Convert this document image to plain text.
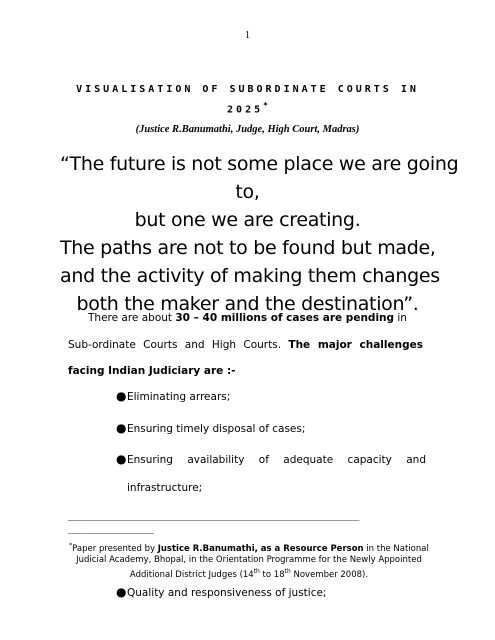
1
VISUALISATION OF SUBORDINATE COURTS IN
2025*
(Justice R.Banumathi, Judge, High Court, Madras)
“The future is not some place we are going
to,
but one we are creating.
The paths are not to be found but made,
and the activity of making them changes
both the maker and the destination”.
There are about 30 – 40 millions of cases are pending in
Sub-ordinate Courts and High Courts. The major challenges
facing Indian Judiciary are :-
●Eliminating arrears;
●Ensuring timely disposal of cases;
●Ensuring availability of adequate capacity and
infrastructure;
____________________________________________
_____________
*Paper presented by Justice R.Banumathi, as a Resource Person in the National Judicial Academy, Bhopal, in the Orientation Programme for the Newly Appointed Additional District Judges (14th to 18th November 2008).
●Quality and responsiveness of justice;
